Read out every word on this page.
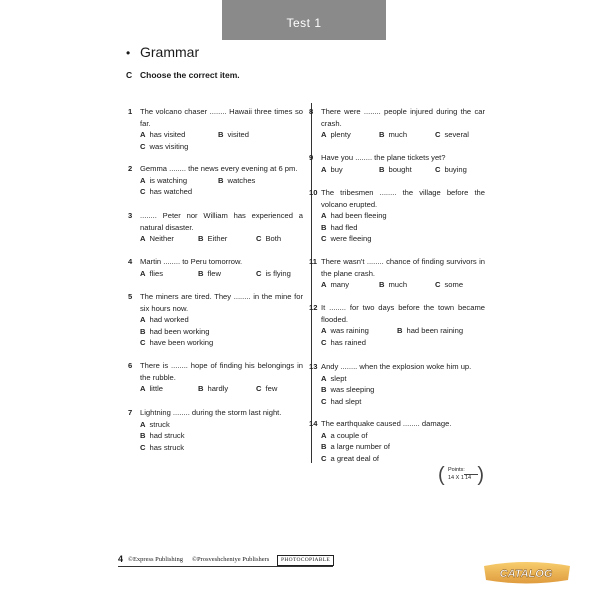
Test 1
• Grammar
C Choose the correct item.
1 The volcano chaser ........ Hawaii three times so far.
A has visited	B visited
C was visiting
2 Gemma ........ the news every evening at 6 pm.
A is watching	B watches
C has watched
3 ........ Peter nor William has experienced a natural disaster.
A Neither	B Either	C Both
4 Martin ........ to Peru tomorrow.
A flies	B flew	C is flying
5 The miners are tired. They ........ in the mine for six hours now.
A had worked
B had been working
C have been working
6 There is ........ hope of finding his belongings in the rubble.
A little	B hardly	C few
7 Lightning ........ during the storm last night.
A struck
B had struck
C has struck
8 There were ........ people injured during the car crash.
A plenty	B much	C several
9 Have you ........ the plane tickets yet?
A buy	B bought	C buying
10 The tribesmen ........ the village before the volcano erupted.
A had been fleeing
B had fled
C were fleeing
11 There wasn't ........ chance of finding survivors in the plane crash.
A many	B much	C some
12 It ........ for two days before the town became flooded.
A was raining	B had been raining
C has rained
13 Andy ........ when the explosion woke him up.
A slept
B was sleeping
C had slept
14 The earthquake caused ........ damage.
A a couple of
B a large number of
C a great deal of
( Points:
14 X 1 14 )
4 ©Express Publishing ©Prosveshcheniye Publishers	PHOTOCOPIABLE
CATALOG
